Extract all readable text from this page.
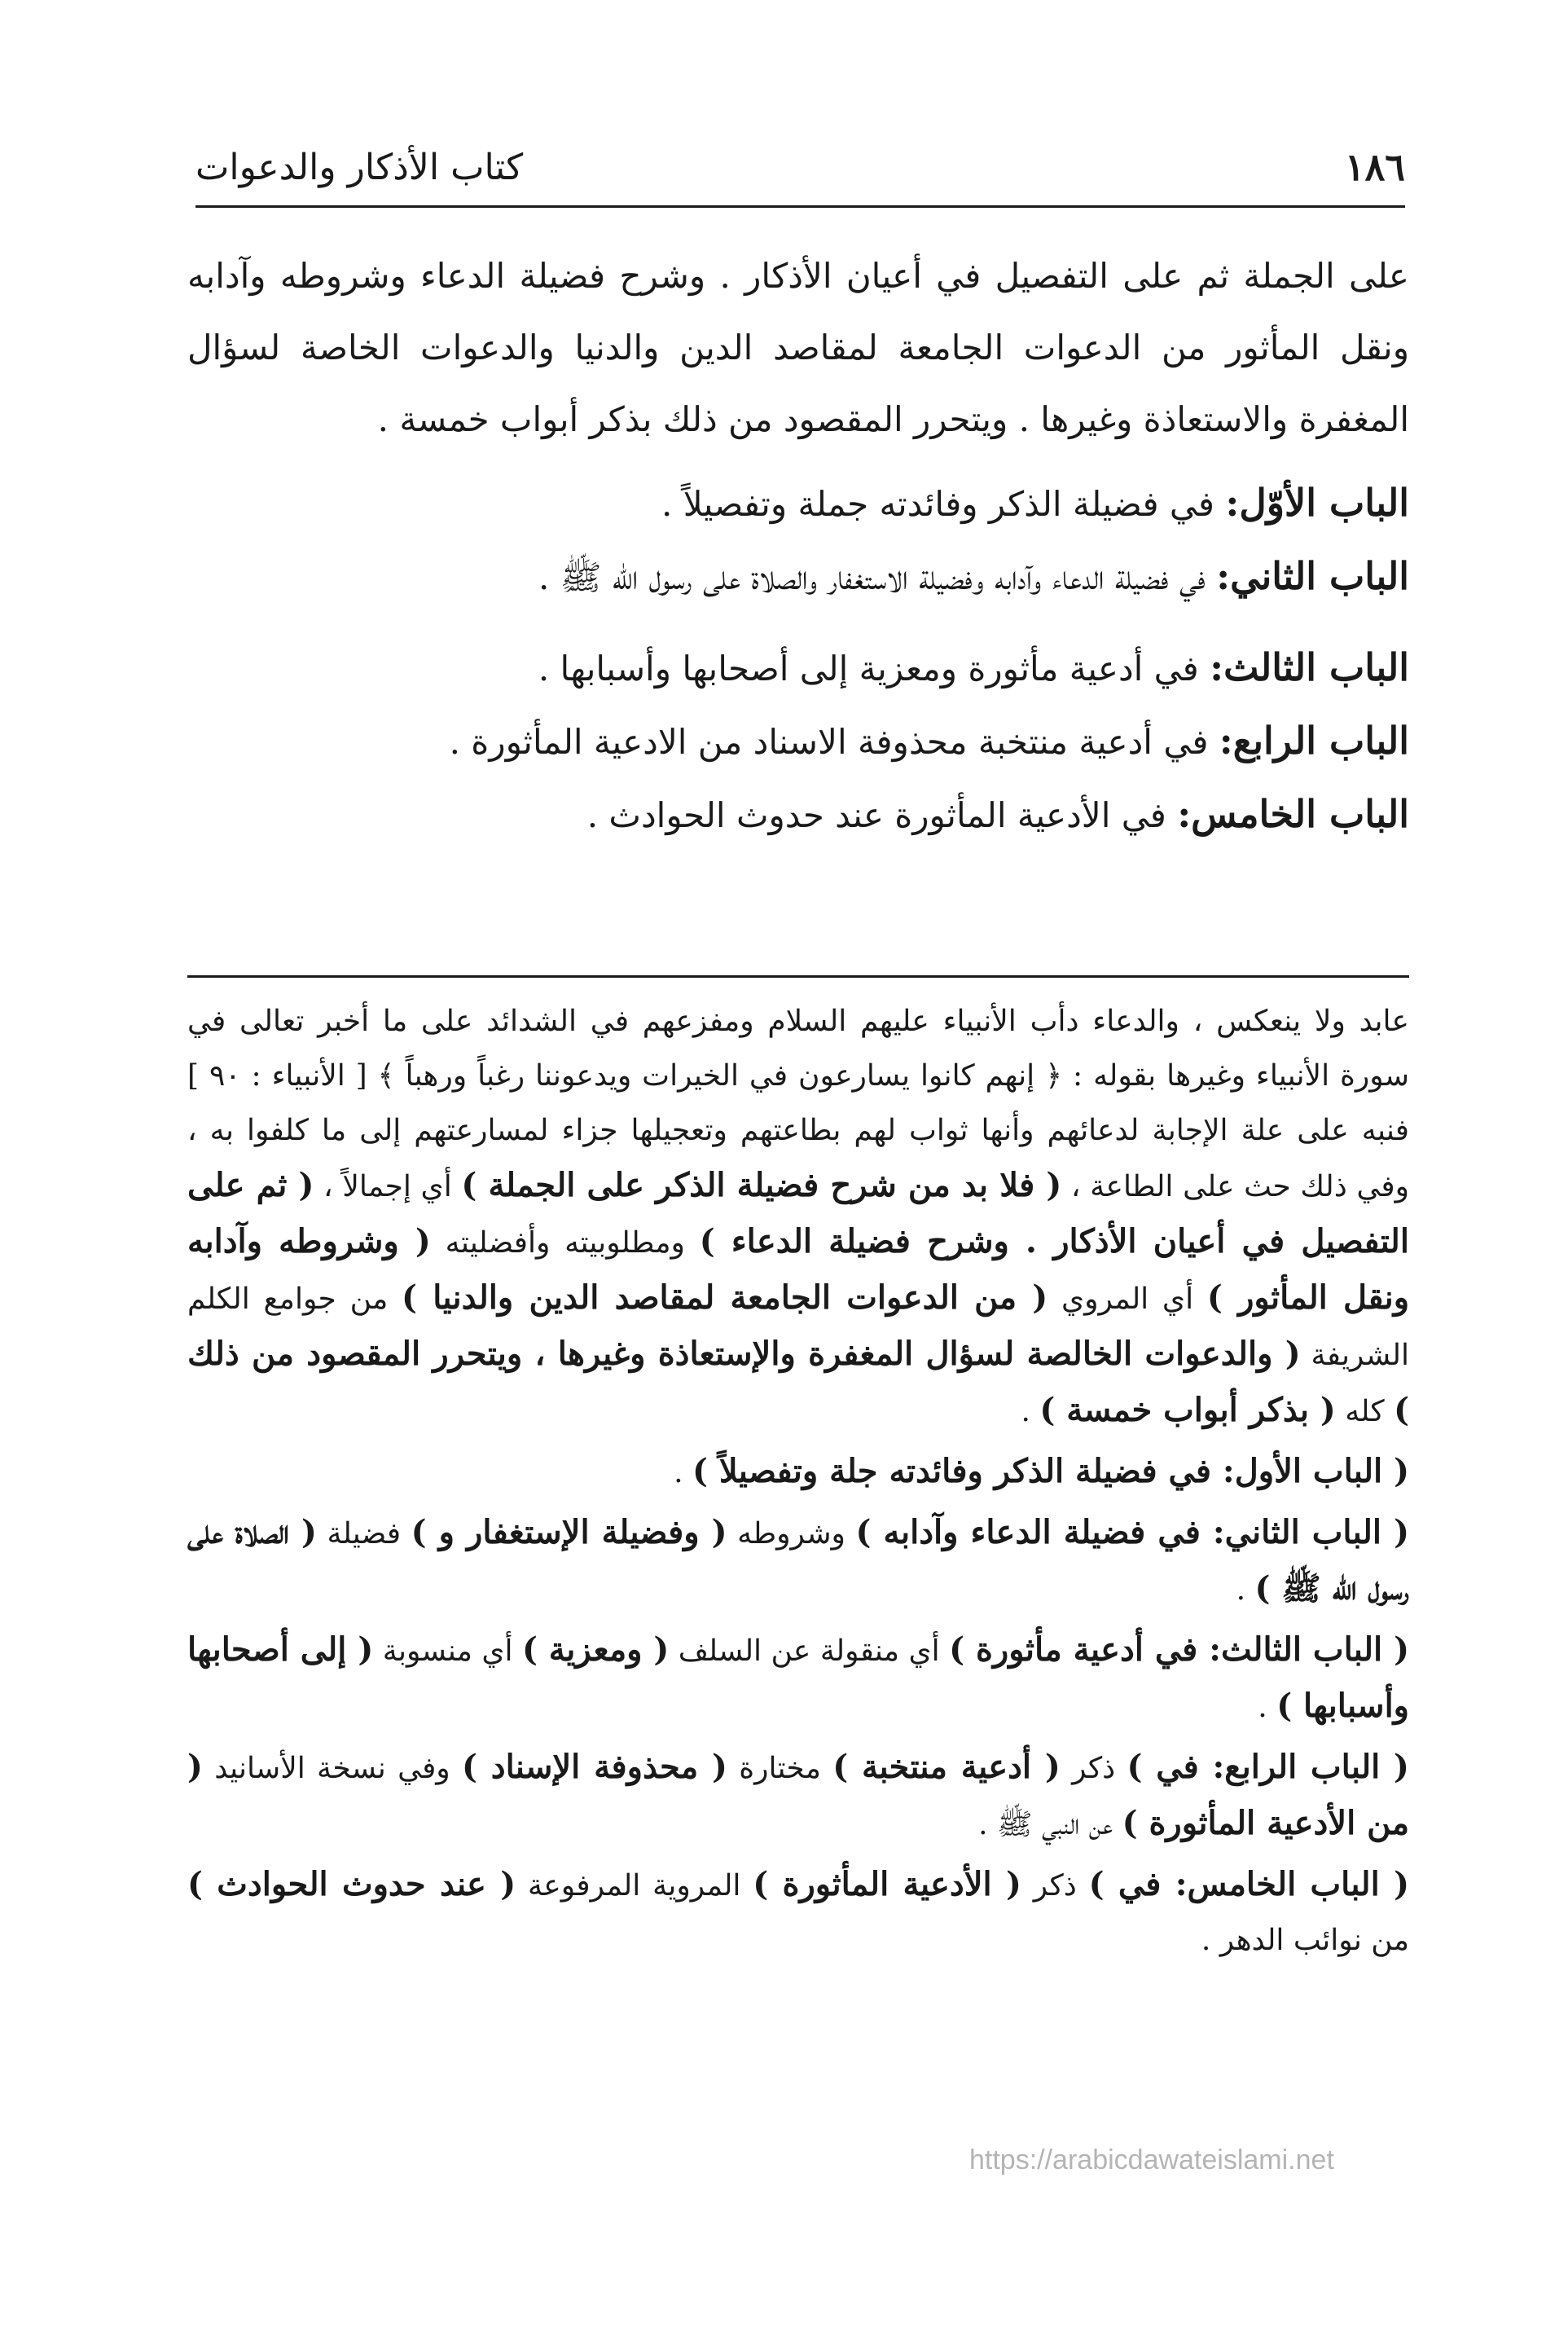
١٨٦
كتاب الأذكار والدعوات

على الجملة ثم على التفصيل في أعيان الأذكار . وشرح فضيلة الدعاء وشروطه وآدابه ونقل المأثور من الدعوات الجامعة لمقاصد الدين والدنيا والدعوات الخاصة لسؤال المغفرة والاستعاذة وغيرها . ويتحرر المقصود من ذلك بذكر أبواب خمسة .

الباب الأوّل: في فضيلة الذكر وفائدته جملة وتفصيلاً .

الباب الثاني: في فضيلة الدعاء وآدابه وفضيلة الاستغفار والصلاة على رسول الله ﷺ .

الباب الثالث: في أدعية مأثورة ومعزية إلى أصحابها وأسبابها .

الباب الرابع: في أدعية منتخبة محذوفة الاسناد من الادعية المأثورة .

الباب الخامس: في الأدعية المأثورة عند حدوث الحوادث .

عابد ولا ينعكس ، والدعاء دأب الأنبياء عليهم السلام ومفزعهم في الشدائد على ما أخبر تعالى في سورة الأنبياء وغيرها بقوله : ﴿ إنهم كانوا يسارعون في الخيرات ويدعوننا رغباً ورهباً ﴾ [ الأنبياء : ٩٠ ] فنبه على علة الإجابة لدعائهم وأنها ثواب لهم بطاعتهم وتعجيلها جزاء لمسارعتهم إلى ما كلفوا به ، وفي ذلك حث على الطاعة ، ( فلا بد من شرح فضيلة الذكر على الجملة ) أي إجمالاً ، ( ثم على التفصيل في أعيان الأذكار . وشرح فضيلة الدعاء ) ومطلوبيته وأفضليته ( وشروطه وآدابه ونقل المأثور ) أي المروي ( من الدعوات الجامعة لمقاصد الدين والدنيا ) من جوامع الكلم الشريفة ( والدعوات الخالصة لسؤال المغفرة والإستعاذة وغيرها ، ويتحرر المقصود من ذلك ) كله ( بذكر أبواب خمسة ) .

( الباب الأول: في فضيلة الذكر وفائدته جلة وتفصيلاً ) .

( الباب الثاني: في فضيلة الدعاء وآدابه ) وشروطه ( وفضيلة الإستغفار و ) فضيلة ( الصلاة على رسول الله ﷺ ) .

( الباب الثالث: في أدعية مأثورة ) أي منقولة عن السلف ( ومعزية ) أي منسوبة ( إلى أصحابها وأسبابها ) .

( الباب الرابع: في ) ذكر ( أدعية منتخبة ) مختارة ( محذوفة الإسناد ) وفي نسخة الأسانيد ( من الأدعية المأثورة ) عن النبي ﷺ .

( الباب الخامس: في ) ذكر ( الأدعية المأثورة ) المروية المرفوعة ( عند حدوث الحوادث ) من نوائب الدهر .

https://arabicdawateislami.net
